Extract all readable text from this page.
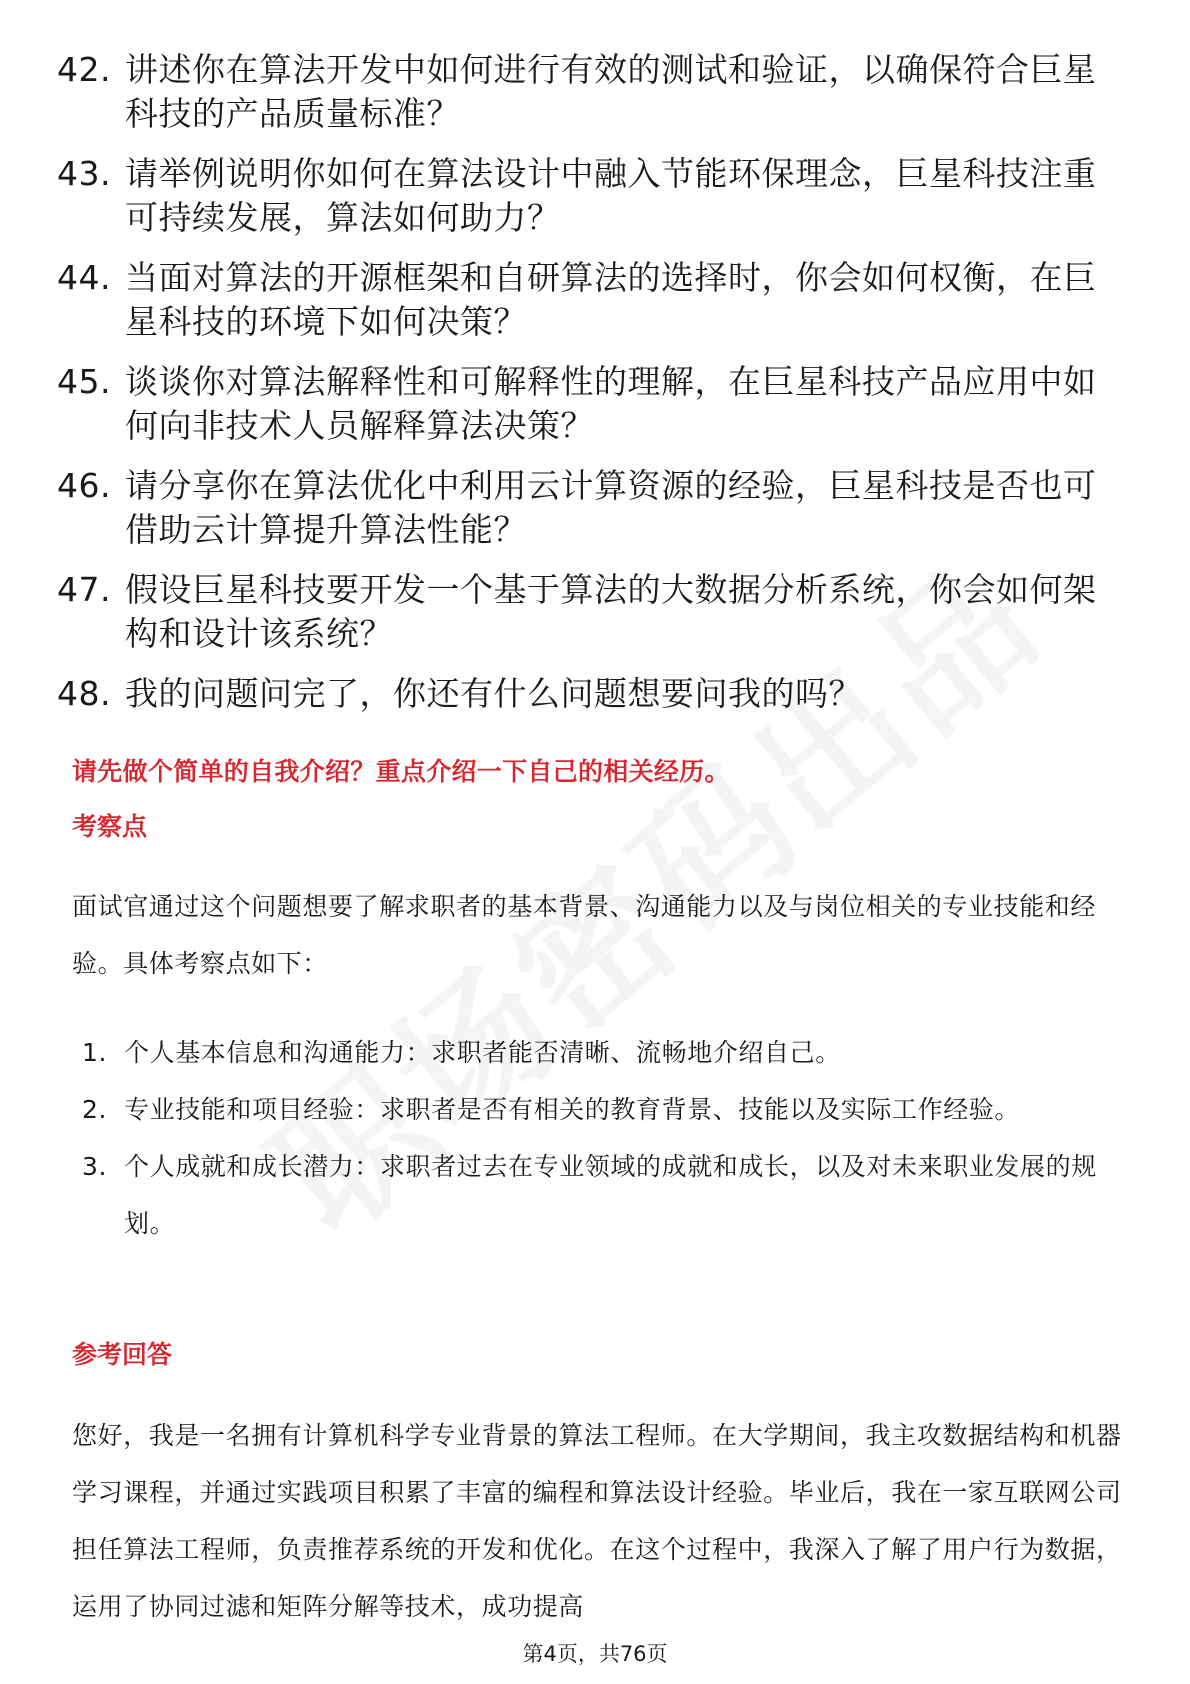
42. 讲述你在算法开发中如何进行有效的测试和验证，以确保符合巨星科技的产品质量标准？
43. 请举例说明你如何在算法设计中融入节能环保理念，巨星科技注重可持续发展，算法如何助力？
44. 当面对算法的开源框架和自研算法的选择时，你会如何权衡，在巨星科技的环境下如何决策？
45. 谈谈你对算法解释性和可解释性的理解，在巨星科技产品应用中如何向非技术人员解释算法决策？
46. 请分享你在算法优化中利用云计算资源的经验，巨星科技是否也可借助云计算提升算法性能？
47. 假设巨星科技要开发一个基于算法的大数据分析系统，你会如何架构和设计该系统？
48. 我的问题问完了，你还有什么问题想要问我的吗？
请先做个简单的自我介绍？重点介绍一下自己的相关经历。
考察点
面试官通过这个问题想要了解求职者的基本背景、沟通能力以及与岗位相关的专业技能和经验。具体考察点如下：
1. 个人基本信息和沟通能力：求职者能否清晰、流畅地介绍自己。
2. 专业技能和项目经验：求职者是否有相关的教育背景、技能以及实际工作经验。
3. 个人成就和成长潜力：求职者过去在专业领域的成就和成长，以及对未来职业发展的规划。
参考回答
您好，我是一名拥有计算机科学专业背景的算法工程师。在大学期间，我主攻数据结构和机器学习课程，并通过实践项目积累了丰富的编程和算法设计经验。毕业后，我在一家互联网公司担任算法工程师，负责推荐系统的开发和优化。在这个过程中，我深入了解了用户行为数据，运用了协同过滤和矩阵分解等技术，成功提高
第4页，共76页
